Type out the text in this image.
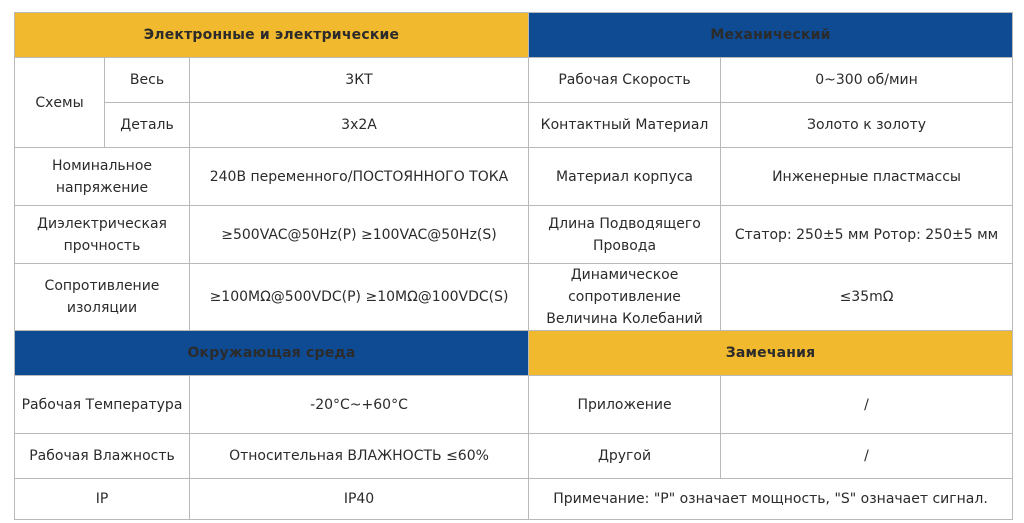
Электронные и электрические			Механический	
Схемы	Весь	3КТ	Рабочая Скорость	0~300 об/мин
	Деталь	3x2A	Контактный Материал	Золото к золоту
Номинальное напряжение		240В переменного/ПОСТОЯННОГО ТОКА	Материал корпуса	Инженерные пластмассы
Диэлектрическая прочность		≥500VAC@50Hz(P) ≥100VAC@50Hz(S)	Длина Подводящего Провода	Статор: 250±5 мм Ротор: 250±5 мм
Сопротивление изоляции		≥100MΩ@500VDC(P) ≥10MΩ@100VDC(S)	Динамическое сопротивление Величина Колебаний	≤35mΩ
Окружающая среда			Замечания	
Рабочая Температура		-20°C~+60°C	Приложение	/
Рабочая Влажность		Относительная ВЛАЖНОСТЬ ≤60%	Другой	/
IP		IP40	Примечание: "P" означает мощность, "S" означает сигнал.	
